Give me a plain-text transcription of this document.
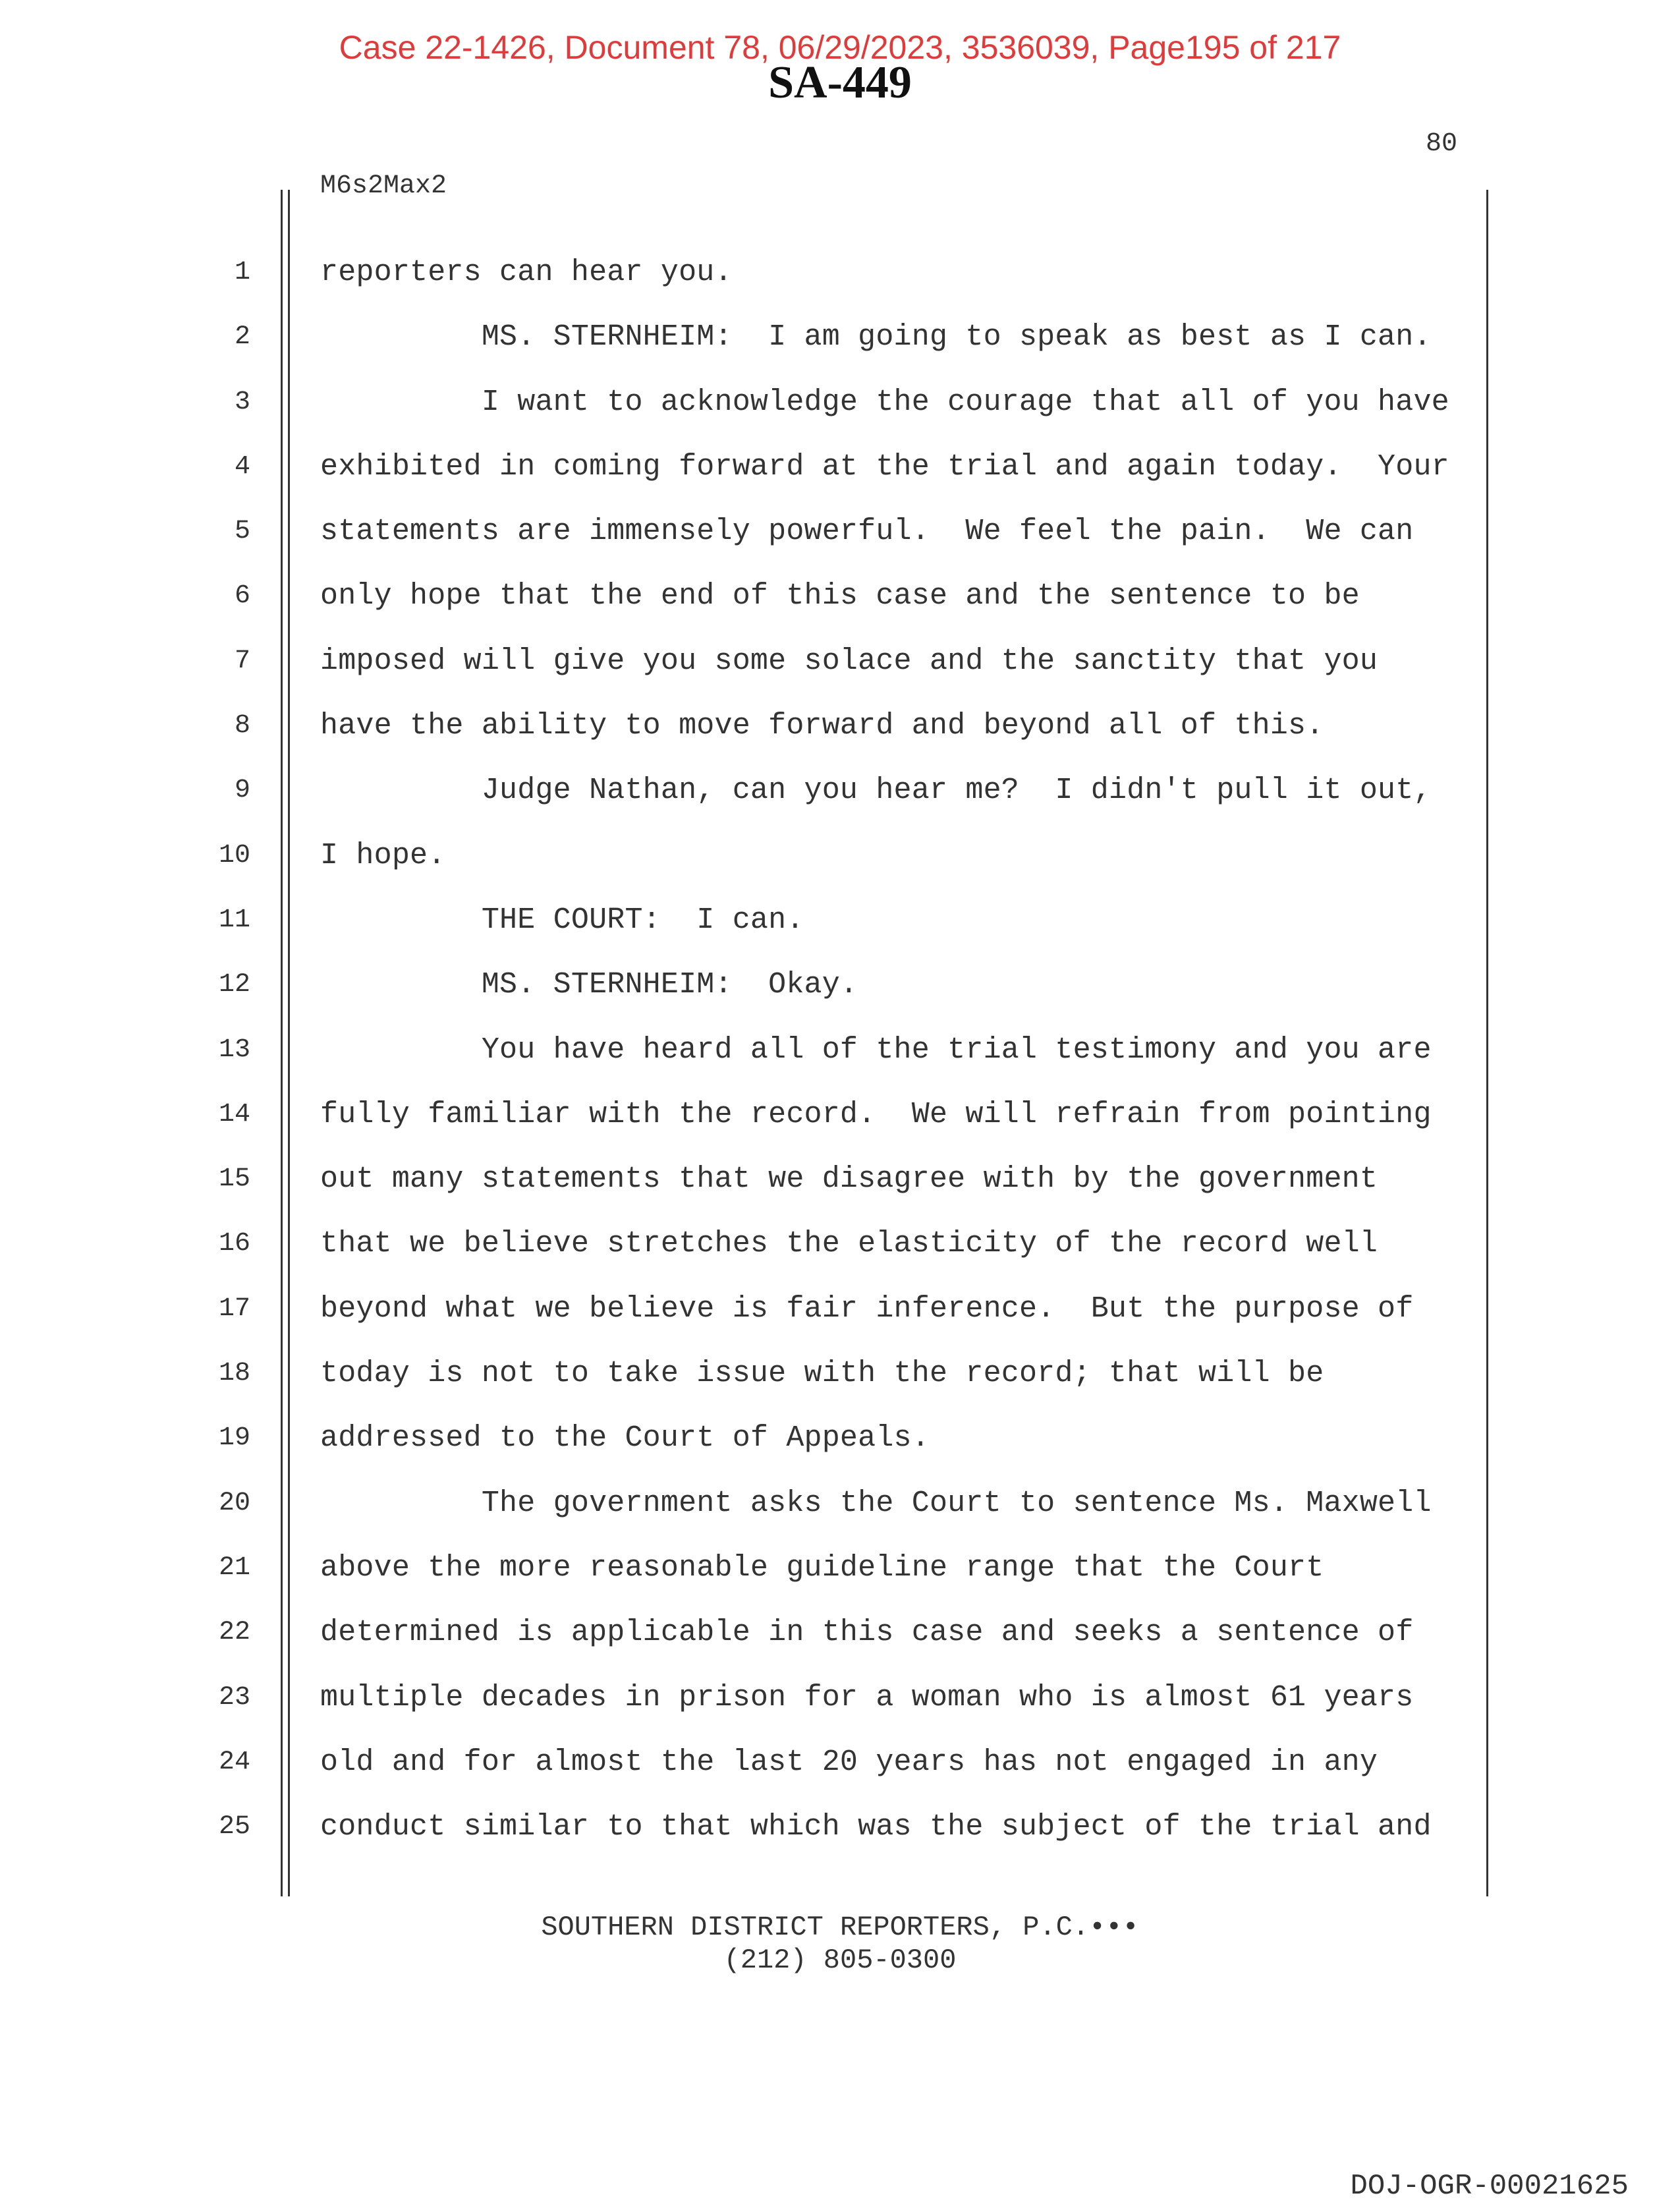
Case 22-1426, Document 78, 06/29/2023, 3536039, Page195 of 217
SA-449
80
M6s2Max2
1 reporters can hear you.
2 MS. STERNHEIM:  I am going to speak as best as I can.
3 I want to acknowledge the courage that all of you have
4 exhibited in coming forward at the trial and again today.  Your
5 statements are immensely powerful.  We feel the pain.  We can
6 only hope that the end of this case and the sentence to be
7 imposed will give you some solace and the sanctity that you
8 have the ability to move forward and beyond all of this.
9 Judge Nathan, can you hear me?  I didn't pull it out,
10 I hope.
11 THE COURT:  I can.
12 MS. STERNHEIM:  Okay.
13 You have heard all of the trial testimony and you are
14 fully familiar with the record.  We will refrain from pointing
15 out many statements that we disagree with by the government
16 that we believe stretches the elasticity of the record well
17 beyond what we believe is fair inference.  But the purpose of
18 today is not to take issue with the record; that will be
19 addressed to the Court of Appeals.
20 The government asks the Court to sentence Ms. Maxwell
21 above the more reasonable guideline range that the Court
22 determined is applicable in this case and seeks a sentence of
23 multiple decades in prison for a woman who is almost 61 years
24 old and for almost the last 20 years has not engaged in any
25 conduct similar to that which was the subject of the trial and
SOUTHERN DISTRICT REPORTERS, P.C.•••
(212) 805-0300
DOJ-OGR-00021625
